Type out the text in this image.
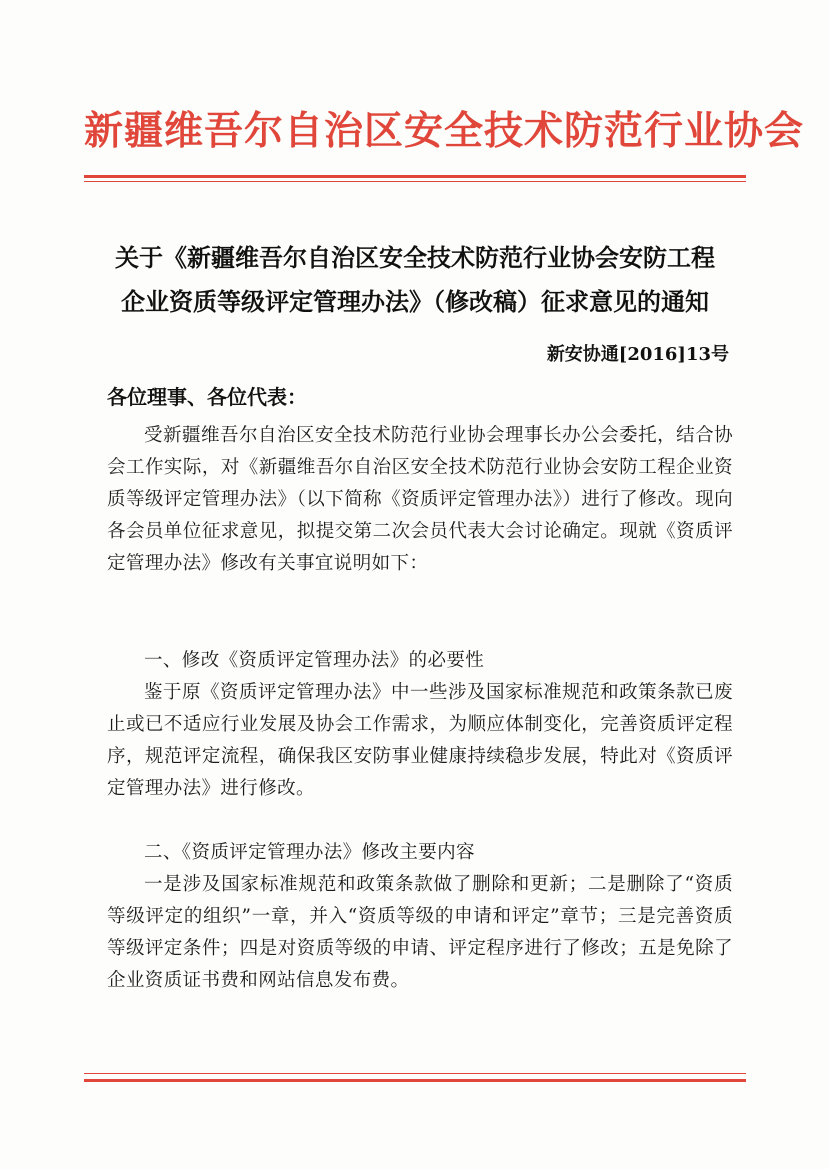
新疆维吾尔自治区安全技术防范行业协会
关于《新疆维吾尔自治区安全技术防范行业协会安防工程
企业资质等级评定管理办法》（修改稿）征求意见的通知
新安协通[2016]13号
各位理事、各位代表：
受新疆维吾尔自治区安全技术防范行业协会理事长办公会委托，结合协会工作实际，对《新疆维吾尔自治区安全技术防范行业协会安防工程企业资质等级评定管理办法》（以下简称《资质评定管理办法》）进行了修改。现向各会员单位征求意见，拟提交第二次会员代表大会讨论确定。现就《资质评定管理办法》修改有关事宜说明如下：
一、修改《资质评定管理办法》的必要性
鉴于原《资质评定管理办法》中一些涉及国家标准规范和政策条款已废止或已不适应行业发展及协会工作需求，为顺应体制变化，完善资质评定程序，规范评定流程，确保我区安防事业健康持续稳步发展，特此对《资质评定管理办法》进行修改。
二、《资质评定管理办法》修改主要内容
一是涉及国家标准规范和政策条款做了删除和更新；二是删除了“资质等级评定的组织”一章，并入“资质等级的申请和评定”章节；三是完善资质等级评定条件；四是对资质等级的申请、评定程序进行了修改；五是免除了企业资质证书费和网站信息发布费。
